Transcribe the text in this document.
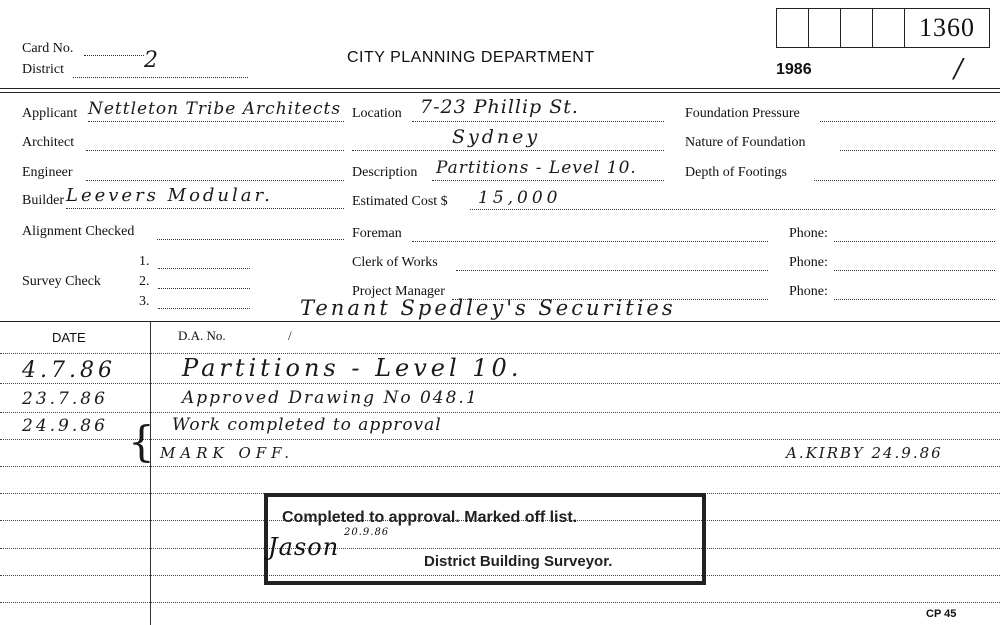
Card No.
District	2	CITY PLANNING DEPARTMENT
1360
1986	/
Applicant Nettleton Tribe Architects
Architect
Engineer
Builder Leevers Modular.
Alignment Checked
Survey Check
1.
2.
3.
Location 7-23 Phillip St.
Sydney
Description Partitions - Level 10.
Estimated Cost $ 15,000
Foreman
Clerk of Works
Project Manager
Foundation Pressure
Nature of Foundation
Depth of Footings
Phone:
Phone:
Phone:
Tenant Spedley's Securities
DATE	D.A. No.	/
4.7.86	Partitions - Level 10.
23.7.86	Approved Drawing No 048.1
24.9.86 { Work completed to approval
MARK OFF.	A.KIRBY 24.9.86
Completed to approval. Marked off list.
District Building Surveyor.
Jason
20.9.86
CP 45
